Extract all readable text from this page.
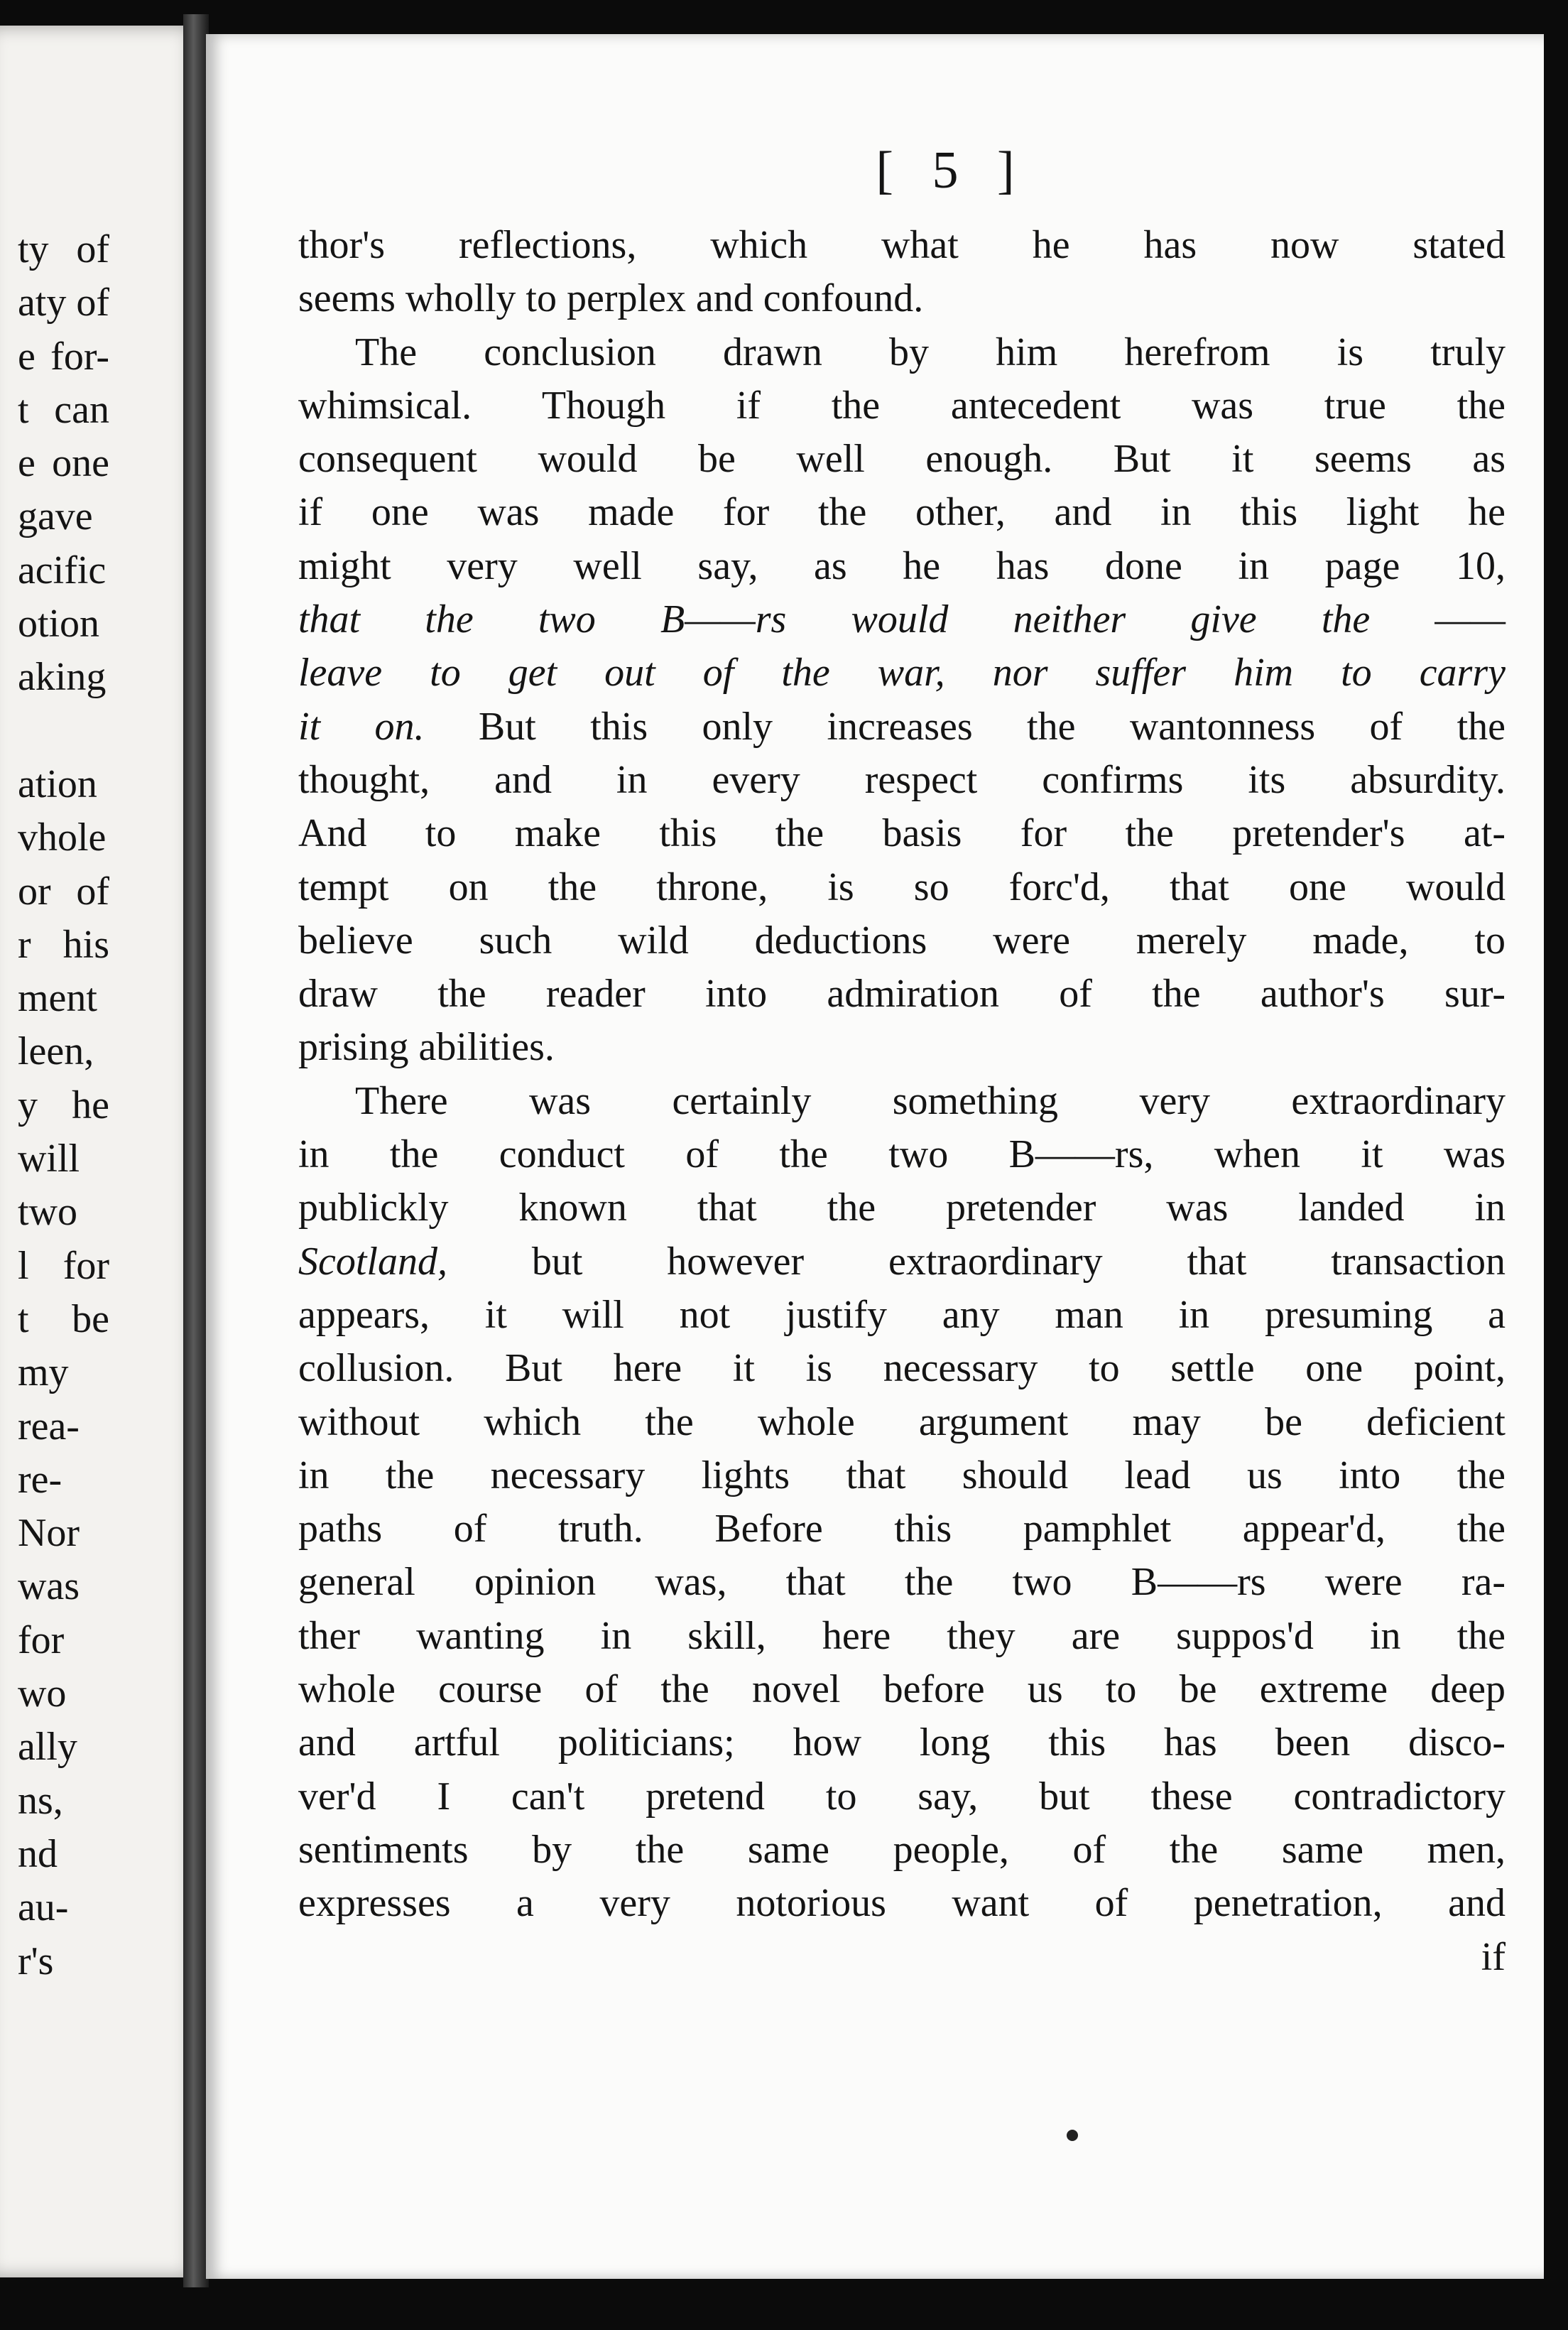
ty of
aty of
e for-
t can
e one
gave
acific
otion
aking
ation
vhole
or of
r his
ment
leen,
y he
will
two
l for
t be
my
rea-
re-
Nor
was
for
wo
ally
ns,
nd
au-
r's
[ 5 ]
thor's reflections, which what he has now stated
seems wholly to perplex and confound.
The conclusion drawn by him herefrom is truly
whimsical. Though if the antecedent was true the
consequent would be well enough. But it seems as
if one was made for the other, and in this light he
might very well say, as he has done in page 10,
that the two B——rs would neither give the ——
leave to get out of the war, nor suffer him to carry
it on. But this only increases the wantonness of the
thought, and in every respect confirms its absurdity.
And to make this the basis for the pretender's at-
tempt on the throne, is so forc'd, that one would
believe such wild deductions were merely made, to
draw the reader into admiration of the author's sur-
prising abilities.
There was certainly something very extraordinary
in the conduct of the two B——rs, when it was
publickly known that the pretender was landed in
Scotland, but however extraordinary that transaction
appears, it will not justify any man in presuming a
collusion. But here it is necessary to settle one point,
without which the whole argument may be deficient
in the necessary lights that should lead us into the
paths of truth. Before this pamphlet appear'd, the
general opinion was, that the two B——rs were ra-
ther wanting in skill, here they are suppos'd in the
whole course of the novel before us to be extreme deep
and artful politicians; how long this has been disco-
ver'd I can't pretend to say, but these contradictory
sentiments by the same people, of the same men,
expresses a very notorious want of penetration, and
if
